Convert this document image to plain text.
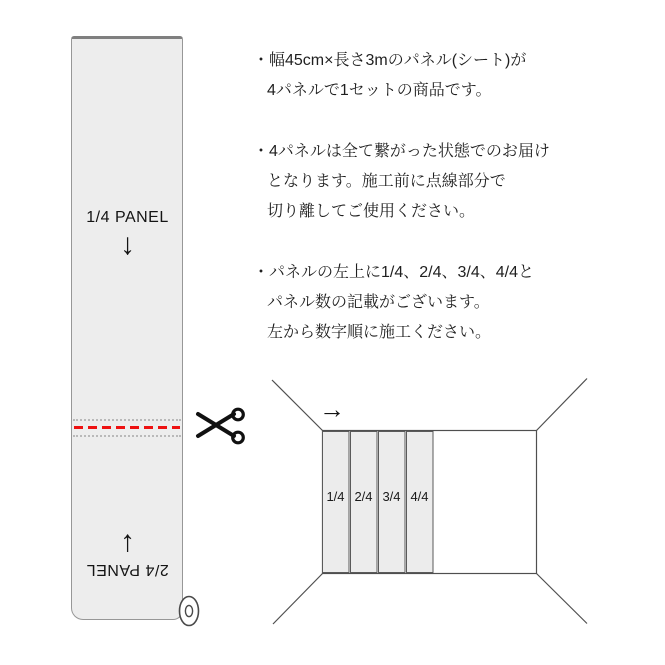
1/4 PANEL
↓
↑
2/4 PANEL
→
1/4 2/4 3/4 4/4

・幅45cm×長さ3mのパネル(シート)が
4パネルで1セットの商品です。

・4パネルは全て繋がった状態でのお届け
となります。施工前に点線部分で
切り離してご使用ください。

・パネルの左上に1/4、2/4、3/4、4/4と
パネル数の記載がございます。
左から数字順に施工ください。
